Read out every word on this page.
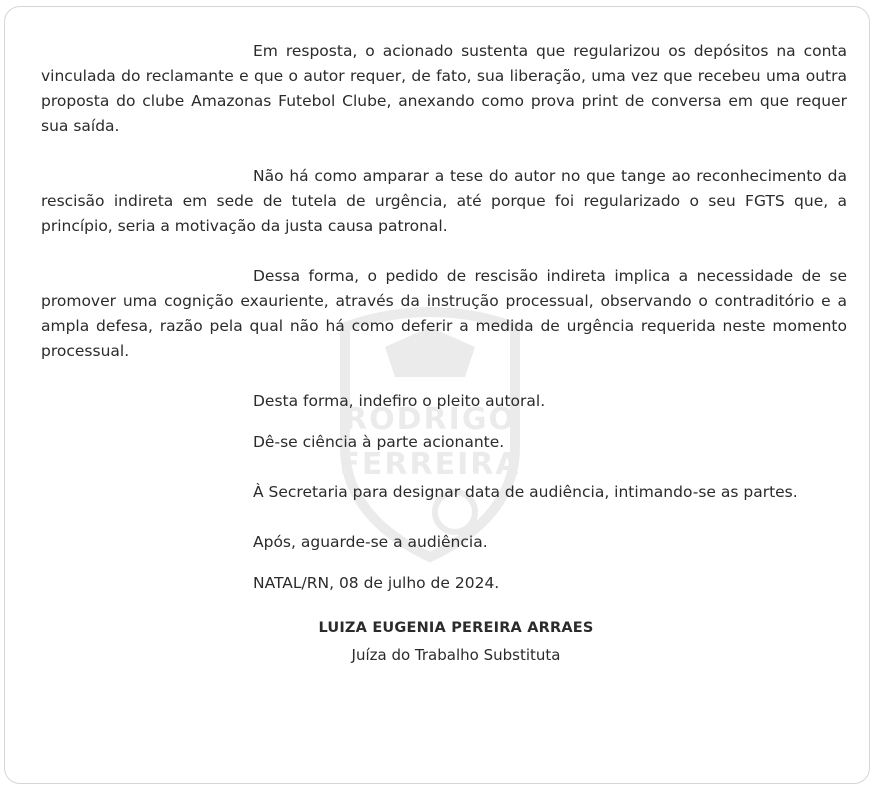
RODRIGO
FERREIRA

Em resposta, o acionado sustenta que regularizou os depósitos na conta vinculada do reclamante e que o autor requer, de fato, sua liberação, uma vez que recebeu uma outra proposta do clube Amazonas Futebol Clube, anexando como prova print de conversa em que requer sua saída.

Não há como amparar a tese do autor no que tange ao reconhecimento da rescisão indireta em sede de tutela de urgência, até porque foi regularizado o seu FGTS que, a princípio, seria a motivação da justa causa patronal.

Dessa forma, o pedido de rescisão indireta implica a necessidade de se promover uma cognição exauriente, através da instrução processual, observando o contraditório e a ampla defesa, razão pela qual não há como deferir a medida de urgência requerida neste momento processual.

Desta forma, indefiro o pleito autoral.
Dê-se ciência à parte acionante.

À Secretaria para designar data de audiência, intimando-se as partes.

Após, aguarde-se a audiência.
NATAL/RN, 08 de julho de 2024.
LUIZA EUGENIA PEREIRA ARRAES
Juíza do Trabalho Substituta
